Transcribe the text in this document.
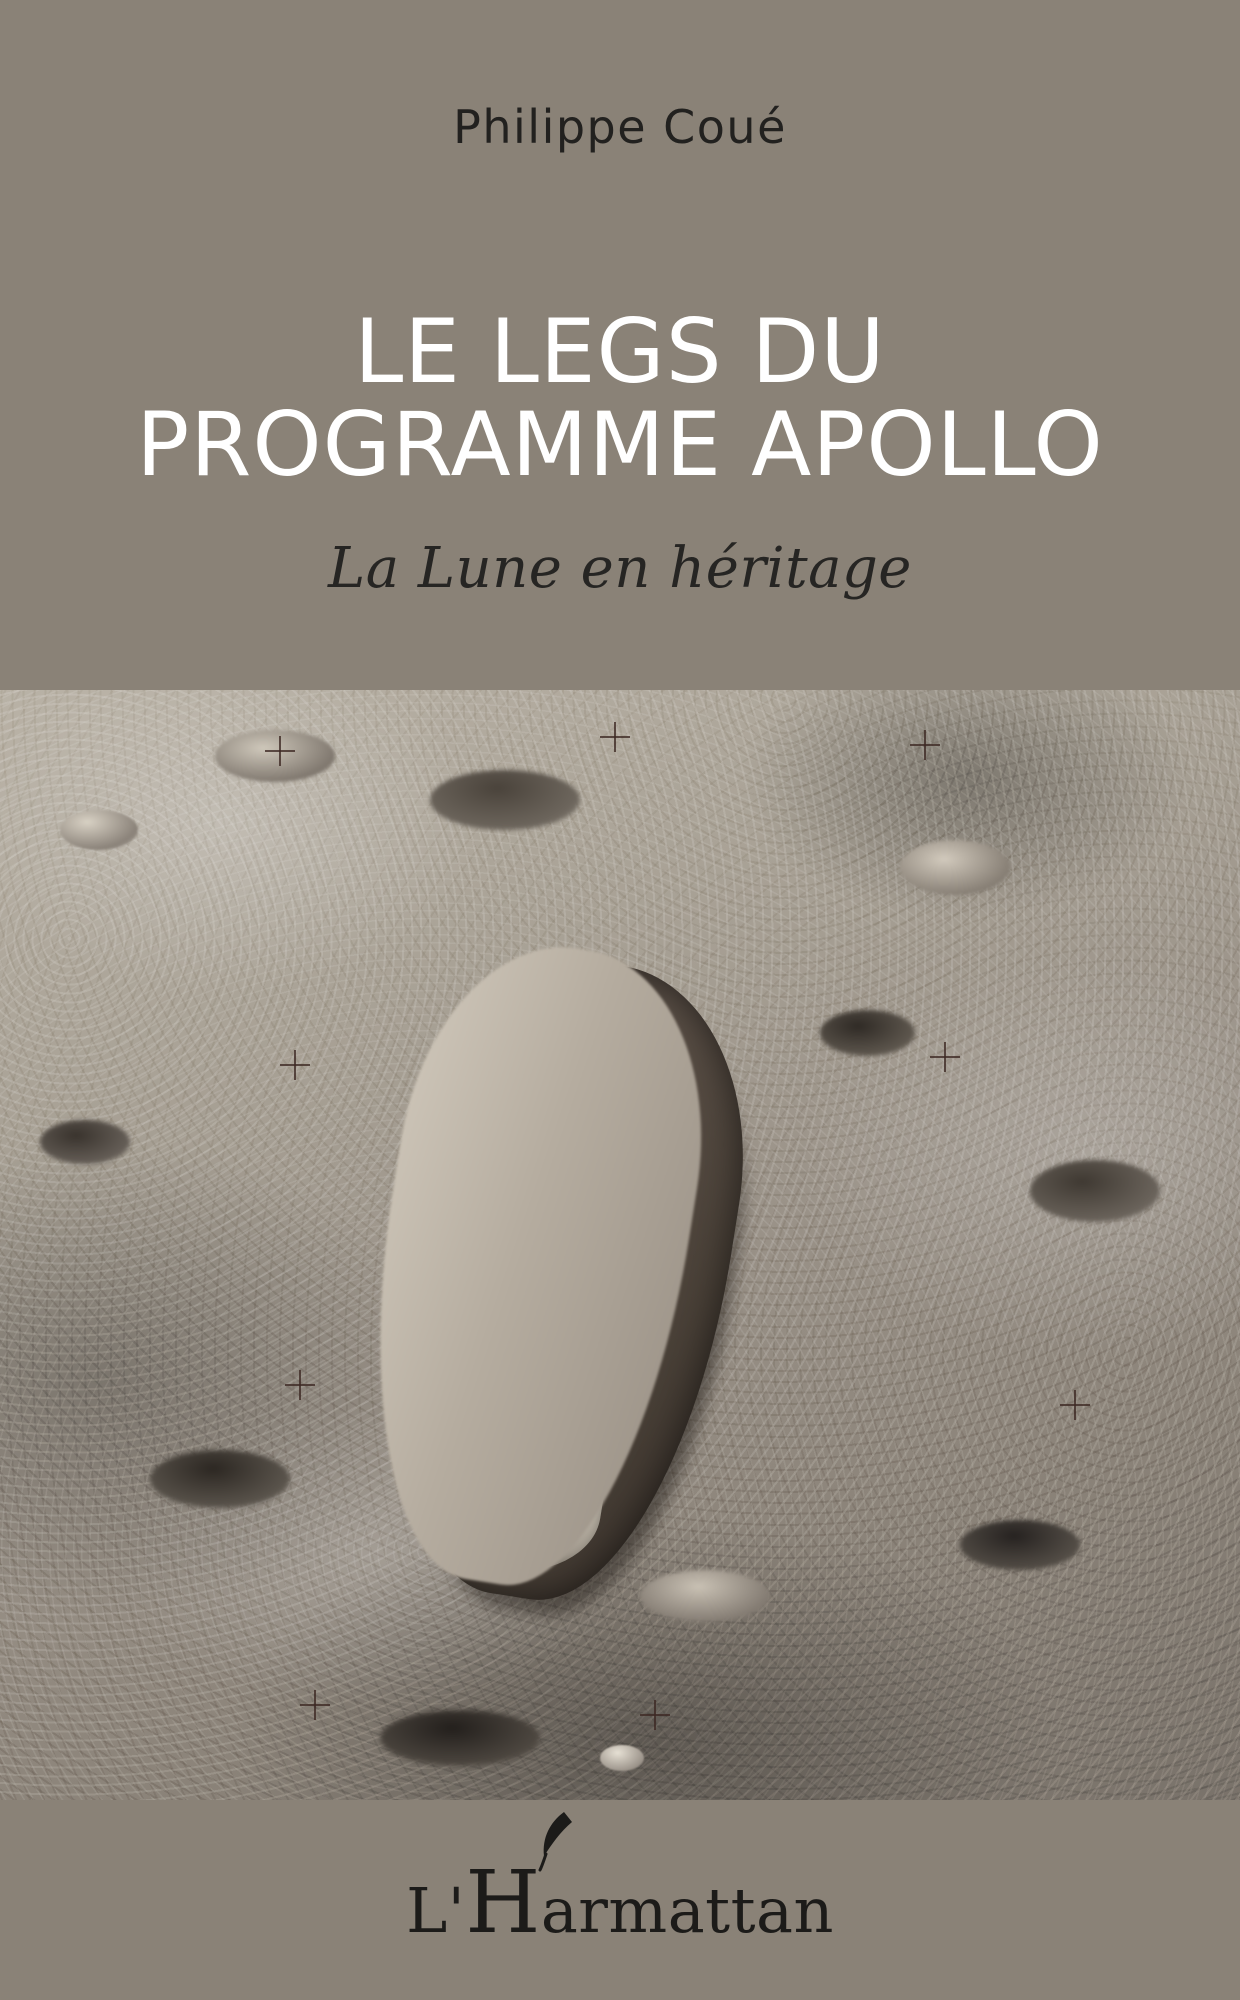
Philippe Coué
LE LEGS DU
PROGRAMME APOLLO
La Lune en héritage
L'Harmattan
